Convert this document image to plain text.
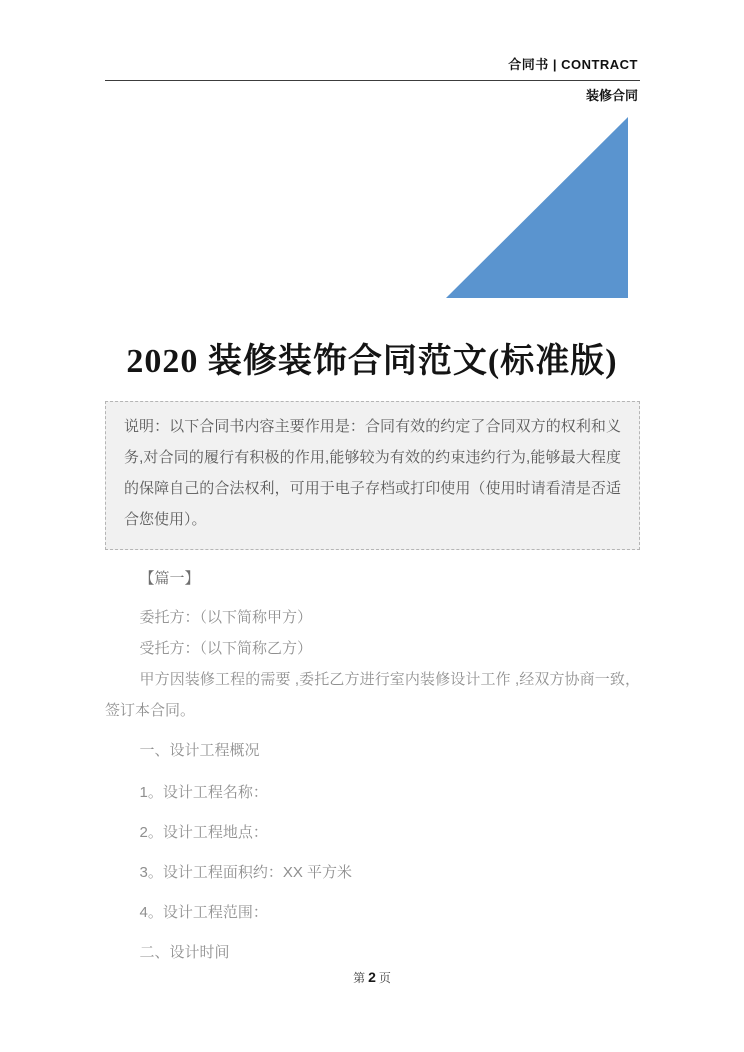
合同书 | CONTRACT
装修合同
2020 装修装饰合同范文(标准版)

说明：以下合同书内容主要作用是：合同有效的约定了合同双方的权利和义务,对合同的履行有积极的作用,能够较为有效的约束违约行为,能够最大程度的保障自己的合法权利，可用于电子存档或打印使用（使用时请看清是否适合您使用）。

【篇一】

委托方：（以下简称甲方）

受托方：（以下简称乙方）

甲方因装修工程的需要 ,委托乙方进行室内装修设计工作 ,经双方协商一致，签订本合同。

一、设计工程概况

1。设计工程名称：

2。设计工程地点：

3。设计工程面积约：XX 平方米

4。设计工程范围：

二、设计时间

第 2 页
